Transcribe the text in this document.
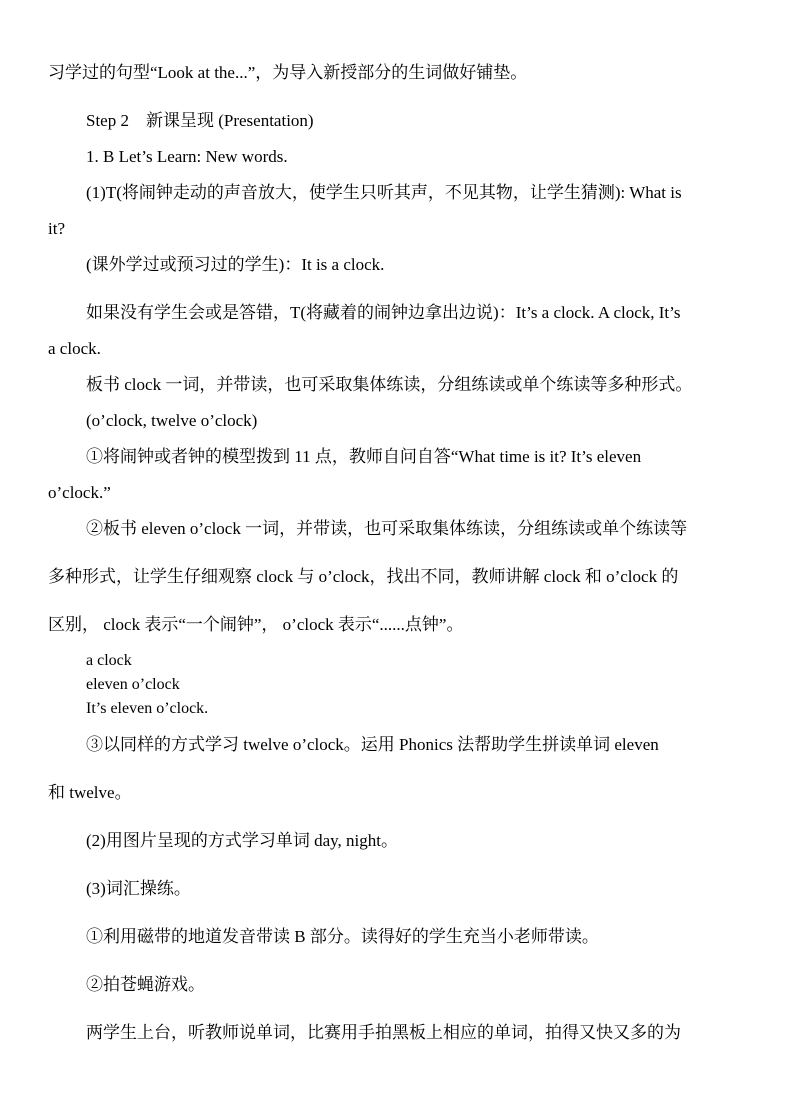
习学过的句型“Look at the...”，为导入新授部分的生词做好铺垫。
Step 2　新课呈现 (Presentation)
1. B Let’s Learn: New words.
(1)T(将闹钟走动的声音放大，使学生只听其声，不见其物，让学生猜测): What is
it?
(课外学过或预习过的学生)：It is a clock.
如果没有学生会或是答错，T(将藏着的闹钟边拿出边说)：It’s a clock. A clock, It’s
a clock.
板书 clock 一词，并带读，也可采取集体练读，分组练读或单个练读等多种形式。
(o’clock, twelve o’clock)
①将闹钟或者钟的模型拨到 11 点，教师自问自答“What time is it? It’s eleven
o’clock.”
②板书 eleven o’clock 一词，并带读，也可采取集体练读，分组练读或单个练读等
多种形式，让学生仔细观察 clock 与 o’clock，找出不同，教师讲解 clock 和 o’clock 的
区别， clock 表示“一个闹钟”， o’clock 表示“......点钟”。
a clock
eleven o’clock
It’s eleven o’clock.
③以同样的方式学习 twelve o’clock。运用 Phonics 法帮助学生拼读单词 eleven
和 twelve。
(2)用图片呈现的方式学习单词 day, night。
(3)词汇操练。
①利用磁带的地道发音带读 B 部分。读得好的学生充当小老师带读。
②拍苍蝇游戏。
两学生上台，听教师说单词，比赛用手拍黑板上相应的单词，拍得又快又多的为
